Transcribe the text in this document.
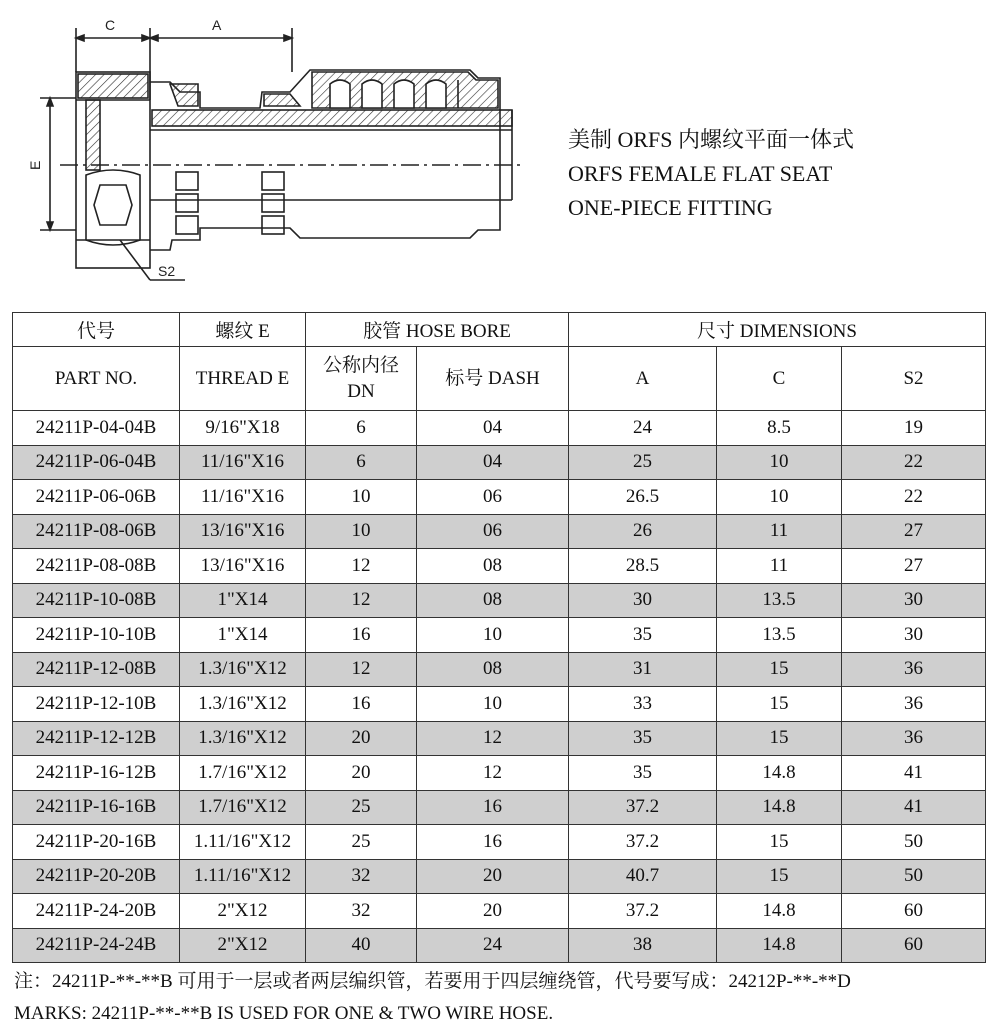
C	A
E
S2
美制 ORFS 内螺纹平面一体式
ORFS FEMALE FLAT SEAT
ONE-PIECE FITTING
代号	螺纹 E	胶管 HOSE BORE		尺寸 DIMENSIONS		
PART NO.	THREAD E	公称内径
DN	标号 DASH	A	C	S2
24211P-04-04B	9/16"X18	6	04	24	8.5	19
24211P-06-04B	11/16"X16	6	04	25	10	22
24211P-06-06B	11/16"X16	10	06	26.5	10	22
24211P-08-06B	13/16"X16	10	06	26	11	27
24211P-08-08B	13/16"X16	12	08	28.5	11	27
24211P-10-08B	1"X14	12	08	30	13.5	30
24211P-10-10B	1"X14	16	10	35	13.5	30
24211P-12-08B	1.3/16"X12	12	08	31	15	36
24211P-12-10B	1.3/16"X12	16	10	33	15	36
24211P-12-12B	1.3/16"X12	20	12	35	15	36
24211P-16-12B	1.7/16"X12	20	12	35	14.8	41
24211P-16-16B	1.7/16"X12	25	16	37.2	14.8	41
24211P-20-16B	1.11/16"X12	25	16	37.2	15	50
24211P-20-20B	1.11/16"X12	32	20	40.7	15	50
24211P-24-20B	2"X12	32	20	37.2	14.8	60
24211P-24-24B	2"X12	40	24	38	14.8	60
注：24211P-**-**B 可用于一层或者两层编织管，若要用于四层缠绕管，代号要写成：24212P-**-**D
MARKS: 24211P-**-**B IS USED FOR ONE & TWO WIRE HOSE.
